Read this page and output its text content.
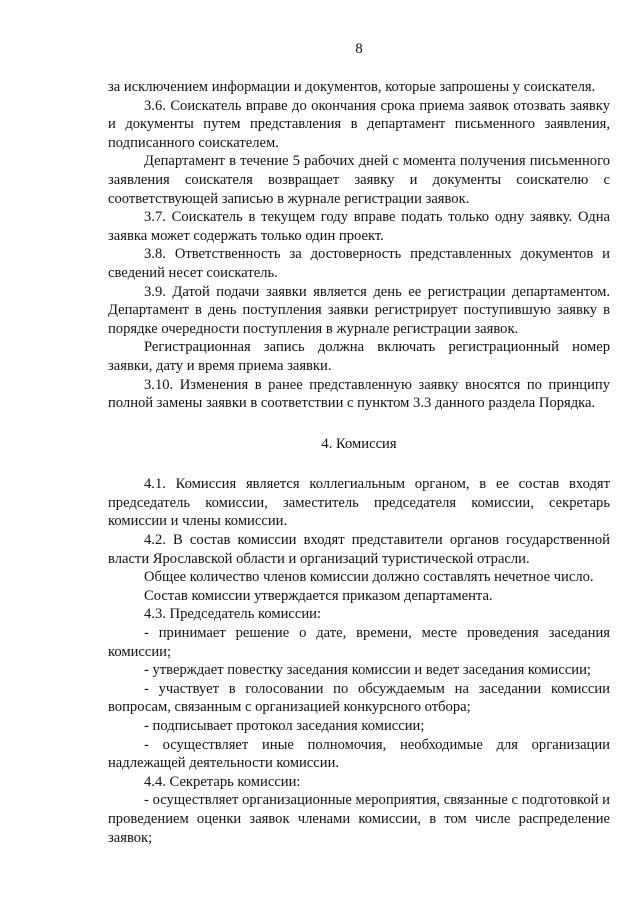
8

за исключением информации и документов, которые запрошены у соискателя.

3.6. Соискатель вправе до окончания срока приема заявок отозвать заявку и документы путем представления в департамент письменного заявления, подписанного соискателем.

Департамент в течение 5 рабочих дней с момента получения письменного заявления соискателя возвращает заявку и документы соискателю с соответствующей записью в журнале регистрации заявок.

3.7. Соискатель в текущем году вправе подать только одну заявку. Одна заявка может содержать только один проект.

3.8. Ответственность за достоверность представленных документов и сведений несет соискатель.

3.9. Датой подачи заявки является день ее регистрации департаментом. Департамент в день поступления заявки регистрирует поступившую заявку в порядке очередности поступления в журнале регистрации заявок.

Регистрационная запись должна включать регистрационный номер заявки, дату и время приема заявки.

3.10. Изменения в ранее представленную заявку вносятся по принципу полной замены заявки в соответствии с пунктом 3.3 данного раздела Порядка.

4. Комиссия

4.1. Комиссия является коллегиальным органом, в ее состав входят председатель комиссии, заместитель председателя комиссии, секретарь комиссии и члены комиссии.

4.2. В состав комиссии входят представители органов государственной власти Ярославской области и организаций туристической отрасли.

Общее количество членов комиссии должно составлять нечетное число.

Состав комиссии утверждается приказом департамента.

4.3. Председатель комиссии:

- принимает решение о дате, времени, месте проведения заседания комиссии;

- утверждает повестку заседания комиссии и ведет заседания комиссии;

- участвует в голосовании по обсуждаемым на заседании комиссии вопросам, связанным с организацией конкурсного отбора;

- подписывает протокол заседания комиссии;

- осуществляет иные полномочия, необходимые для организации надлежащей деятельности комиссии.

4.4. Секретарь комиссии:

- осуществляет организационные мероприятия, связанные с подготовкой и проведением оценки заявок членами комиссии, в том числе распределение заявок;
